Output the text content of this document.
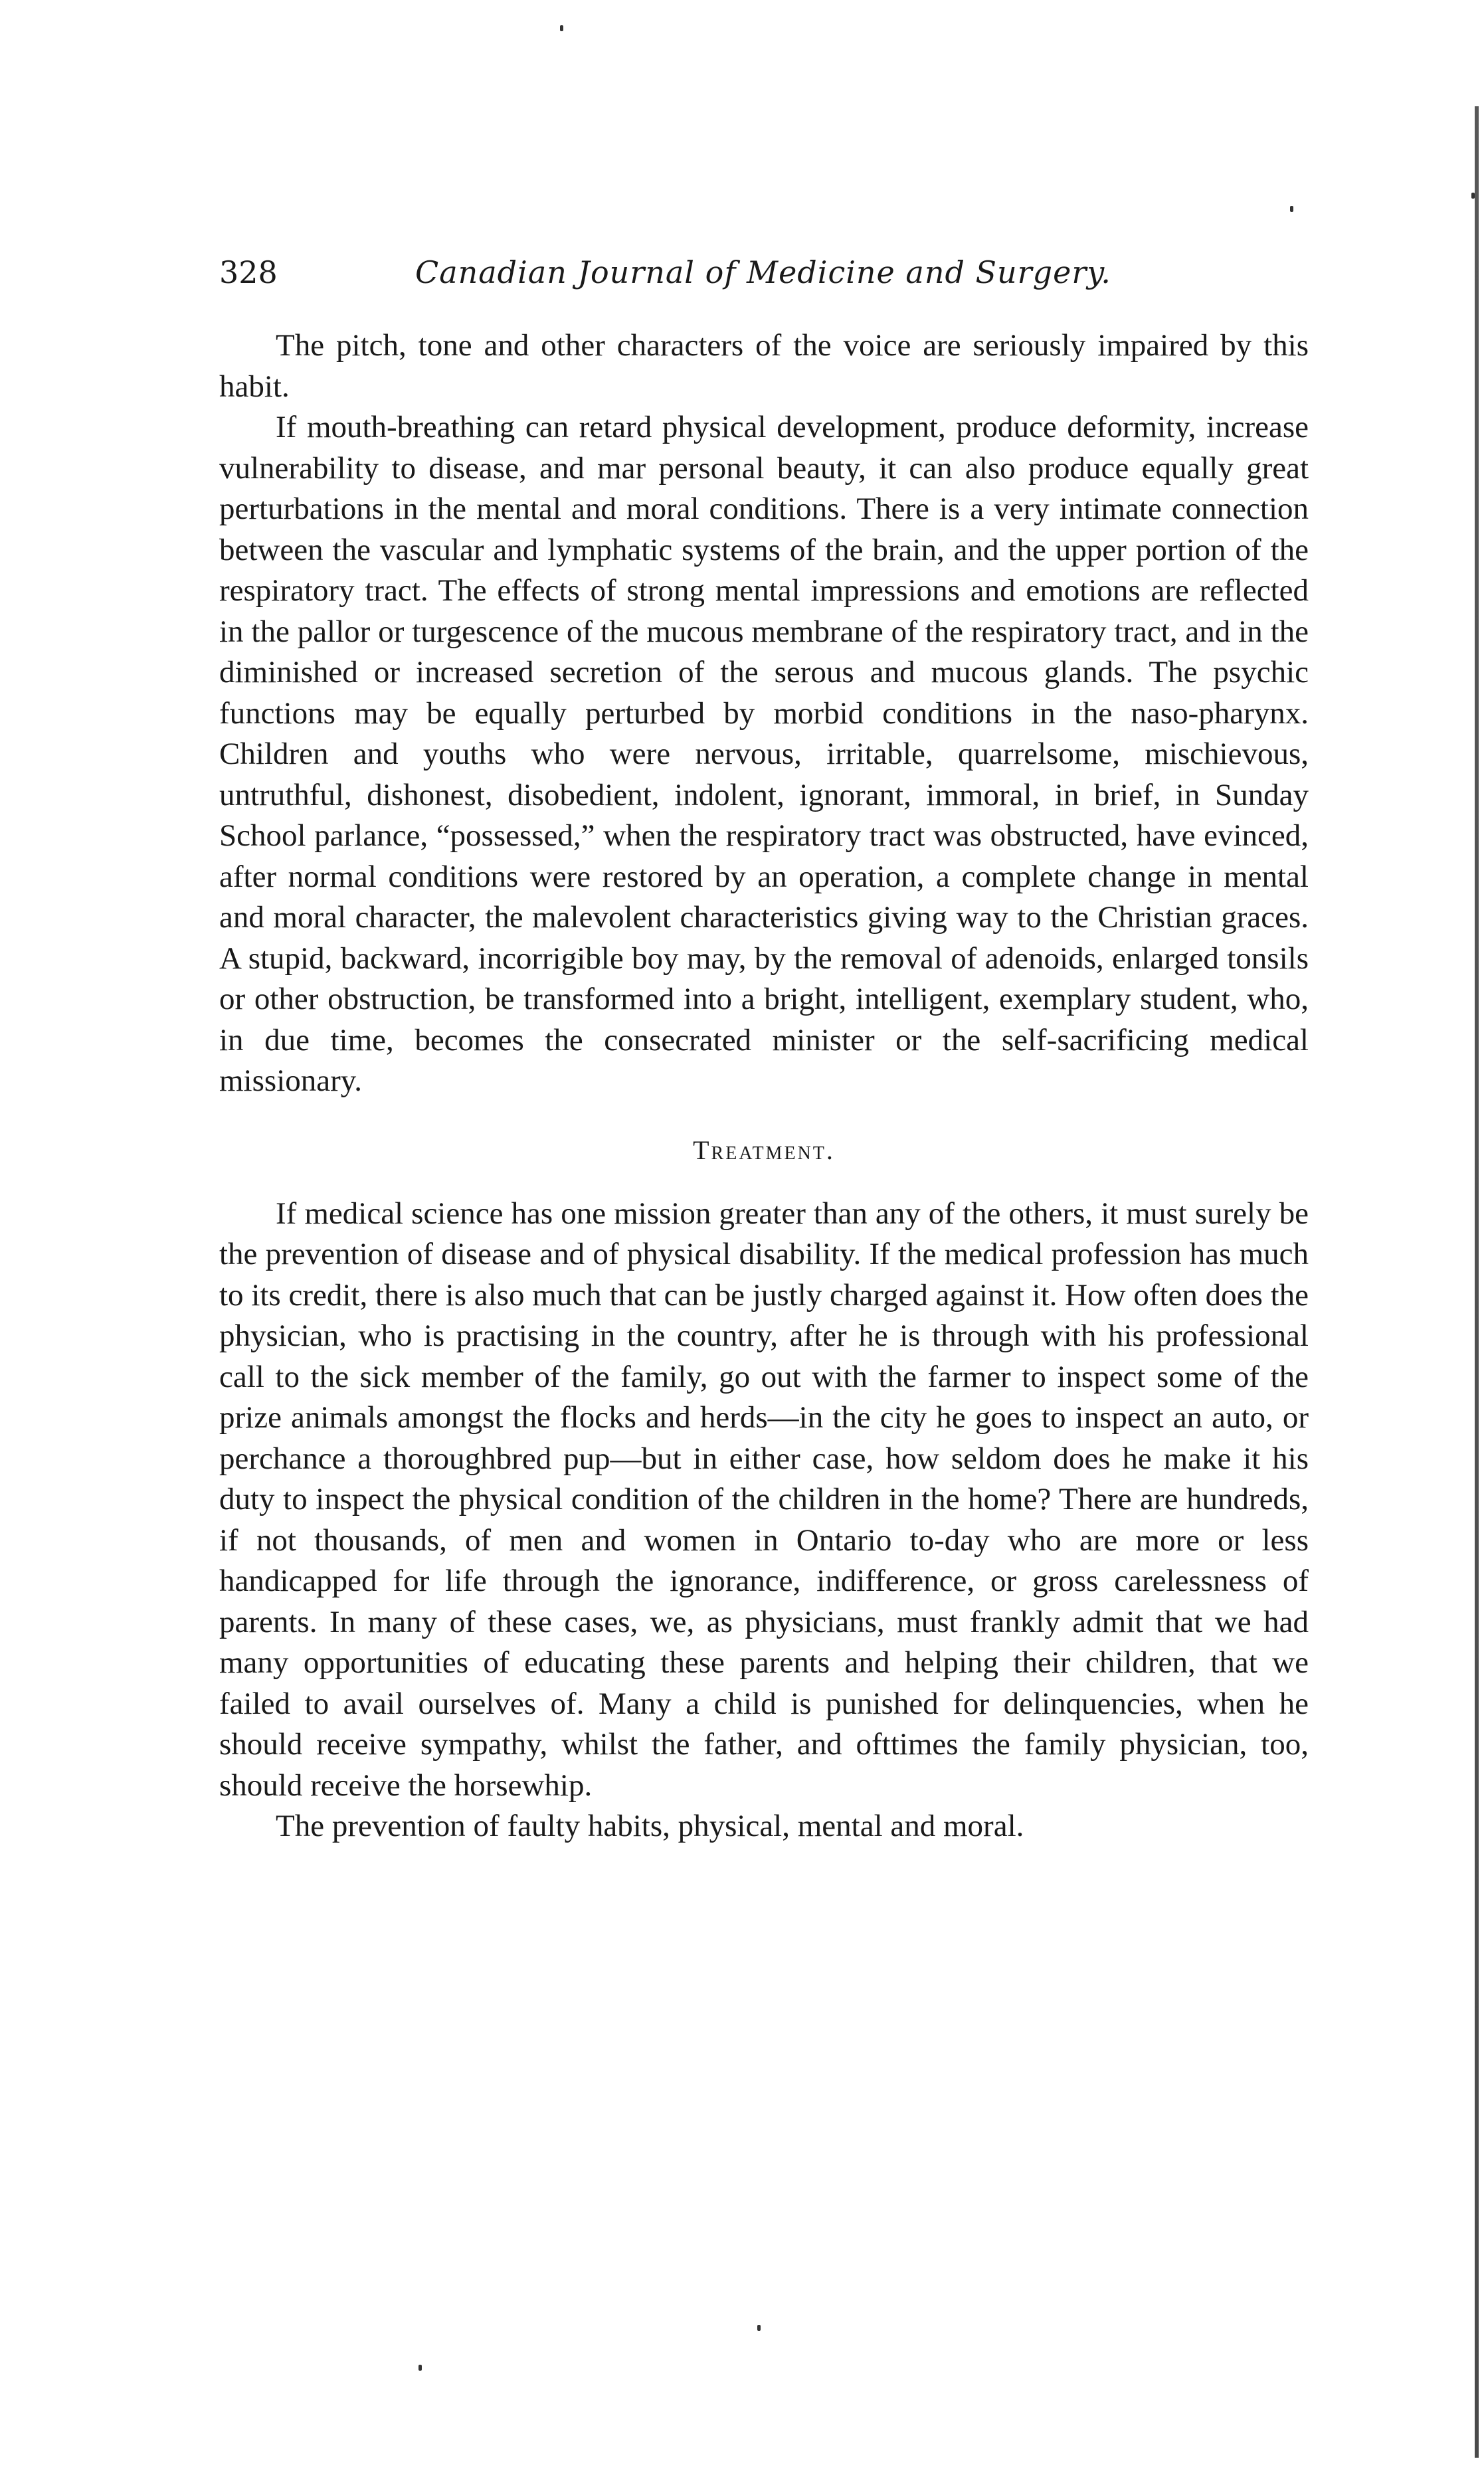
328	Canadian Journal of Medicine and Surgery.

The pitch, tone and other characters of the voice are seriously impaired by this habit.

If mouth-breathing can retard physical development, produce deformity, increase vulnerability to disease, and mar personal beauty, it can also produce equally great perturbations in the mental and moral conditions. There is a very intimate connection between the vascular and lymphatic systems of the brain, and the upper portion of the respiratory tract. The effects of strong mental impressions and emotions are reflected in the pallor or turgescence of the mucous membrane of the respiratory tract, and in the diminished or increased secretion of the serous and mucous glands. The psychic functions may be equally perturbed by morbid conditions in the naso-pharynx. Children and youths who were nervous, irritable, quarrelsome, mischievous, untruthful, dishonest, disobedient, indolent, ignorant, immoral, in brief, in Sunday School parlance, “possessed,” when the respiratory tract was obstructed, have evinced, after normal conditions were restored by an operation, a complete change in mental and moral character, the malevolent characteristics giving way to the Christian graces. A stupid, backward, incorrigible boy may, by the removal of adenoids, enlarged tonsils or other obstruction, be transformed into a bright, intelligent, exemplary student, who, in due time, becomes the consecrated minister or the self-sacrificing medical missionary.

Treatment.

If medical science has one mission greater than any of the others, it must surely be the prevention of disease and of physical disability. If the medical profession has much to its credit, there is also much that can be justly charged against it. How often does the physician, who is practising in the country, after he is through with his professional call to the sick member of the family, go out with the farmer to inspect some of the prize animals amongst the flocks and herds—in the city he goes to inspect an auto, or perchance a thoroughbred pup—but in either case, how seldom does he make it his duty to inspect the physical condition of the children in the home? There are hundreds, if not thousands, of men and women in Ontario to-day who are more or less handicapped for life through the ignorance, indifference, or gross carelessness of parents. In many of these cases, we, as physicians, must frankly admit that we had many opportunities of educating these parents and helping their children, that we failed to avail ourselves of. Many a child is punished for delinquencies, when he should receive sympathy, whilst the father, and ofttimes the family physician, too, should receive the horsewhip.

The prevention of faulty habits, physical, mental and moral.
